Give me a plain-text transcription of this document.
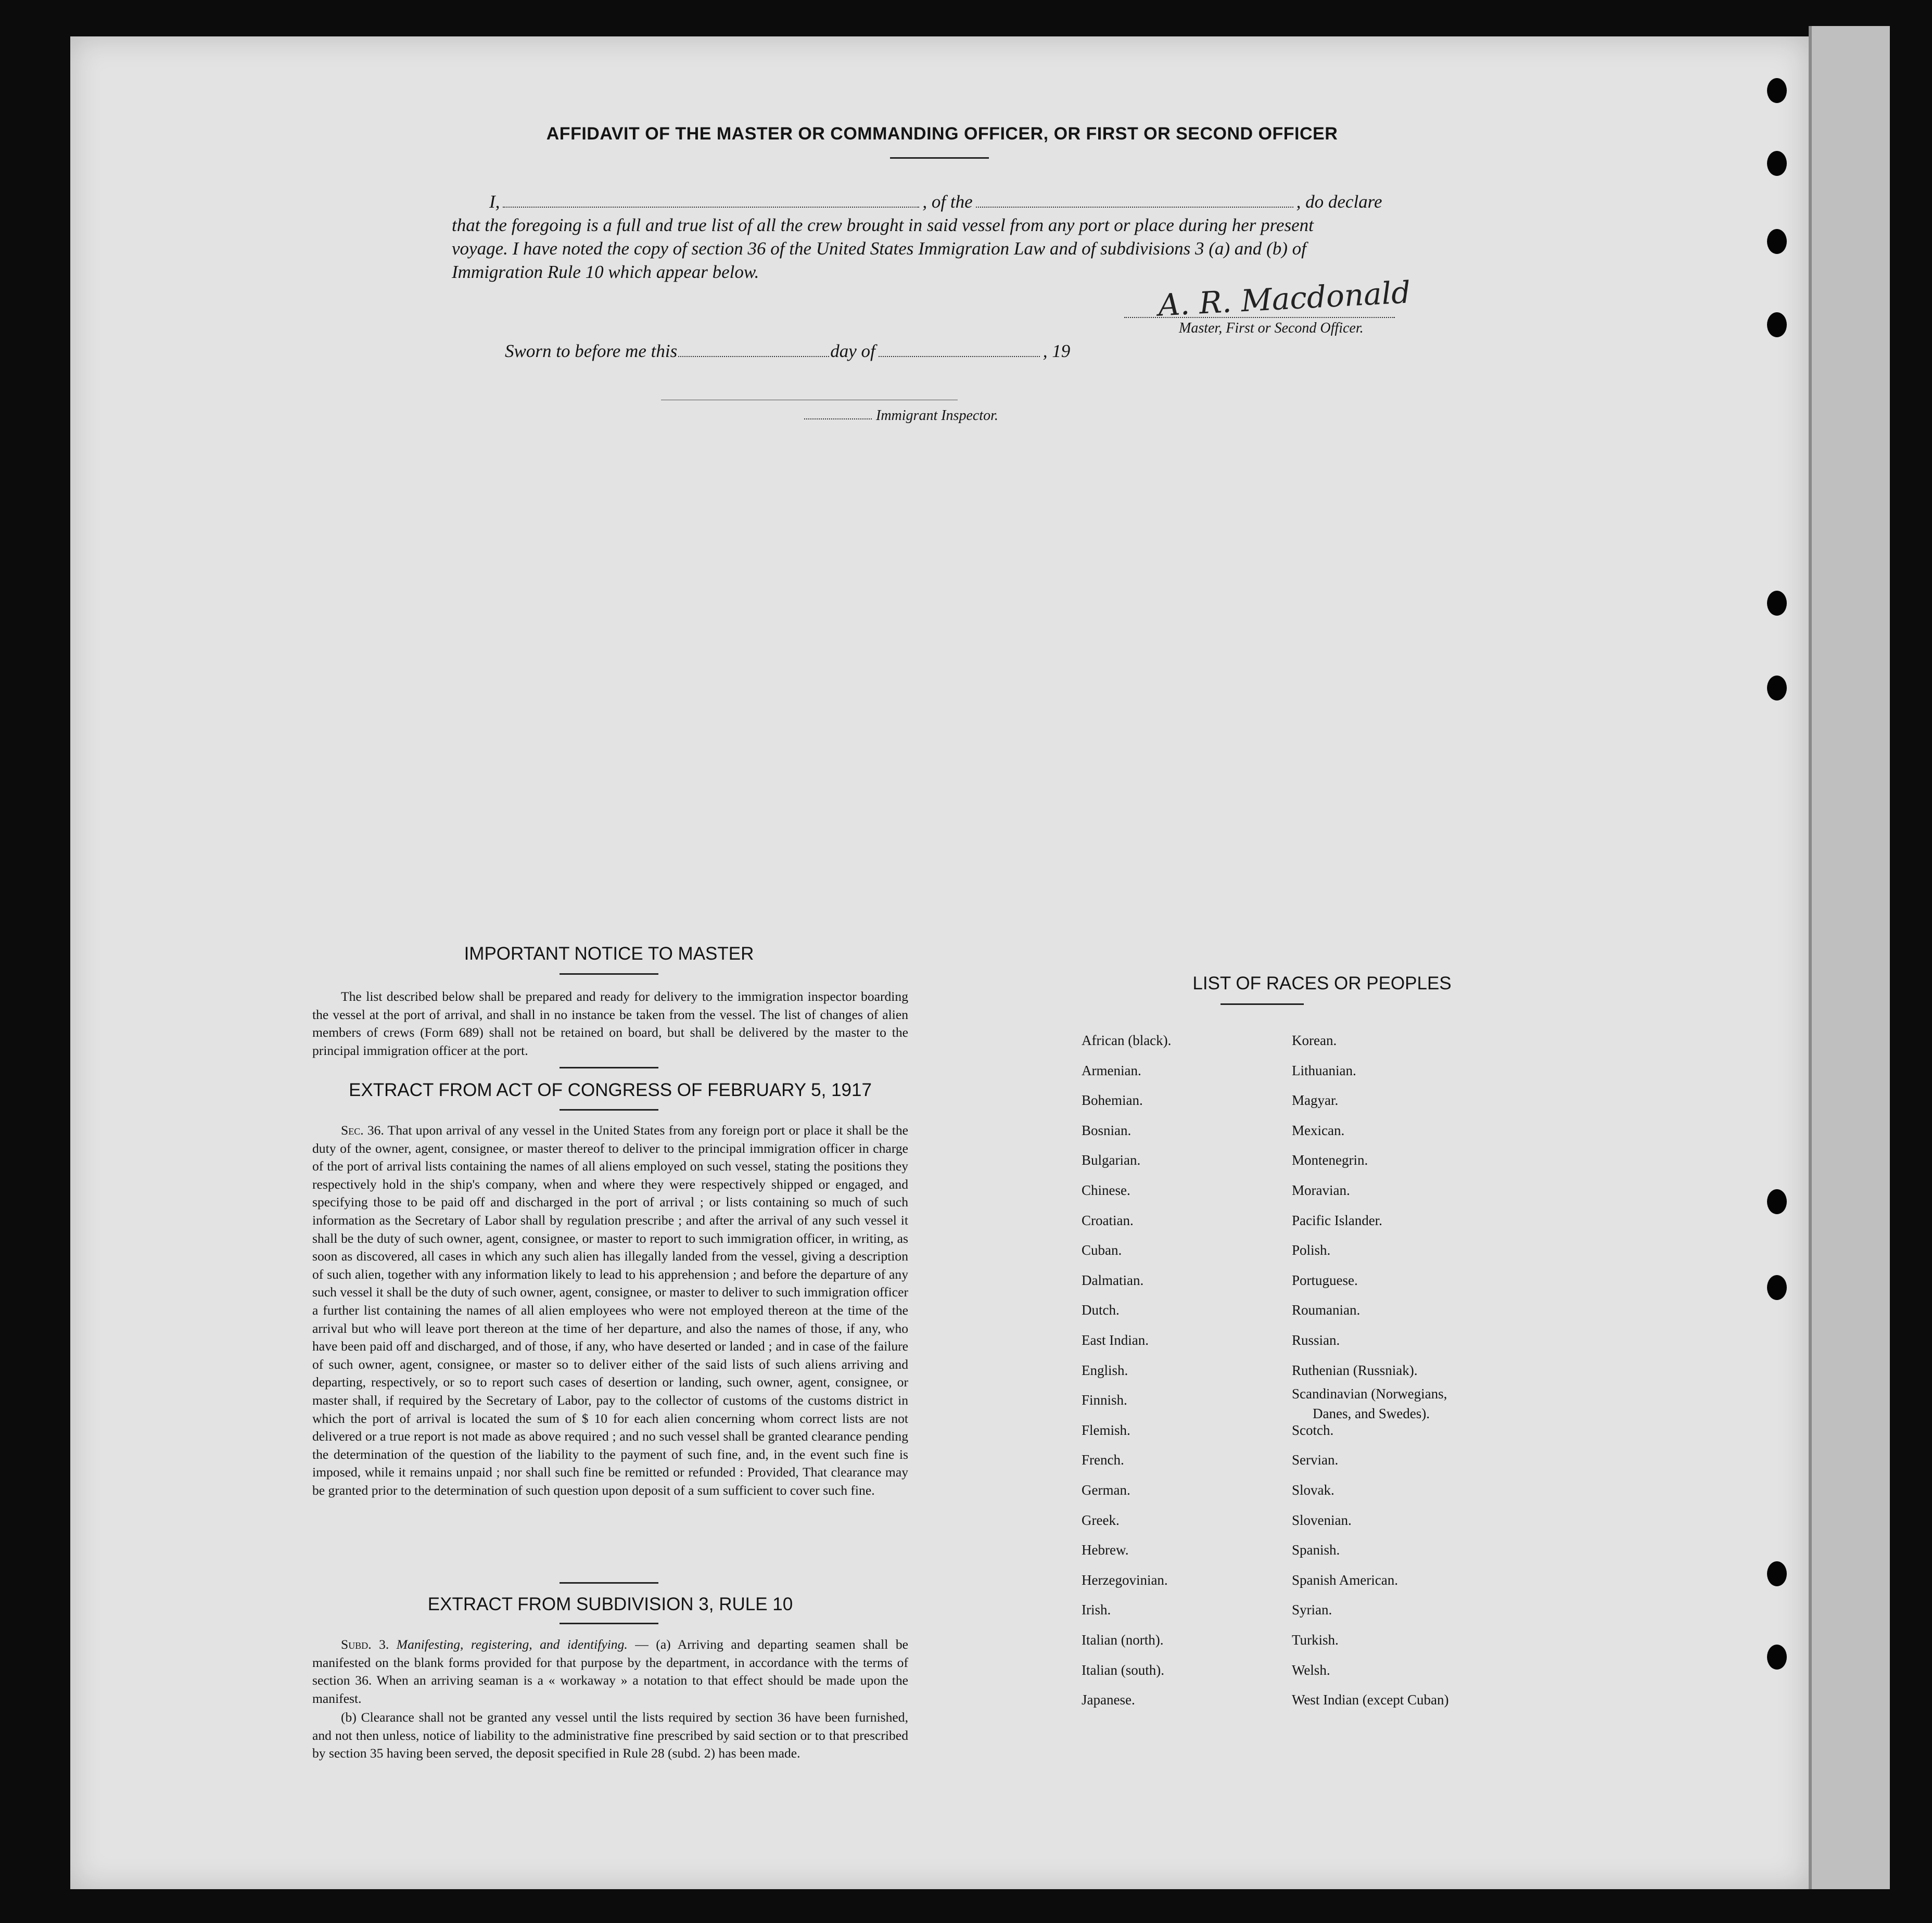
AFFIDAVIT OF THE MASTER OR COMMANDING OFFICER, OR FIRST OR SECOND OFFICER
I,	, of the	, do declare
that the foregoing is a full and true list of all the crew brought in said vessel from any port or place during her present
voyage. I have noted the copy of section 36 of the United States Immigration Law and of subdivisions 3 (a) and (b) of
Immigration Rule 10 which appear below.
A. R. Macdonald
Master, First or Second Officer.
Sworn to before me this	day of	, 19
Immigrant Inspector.
IMPORTANT NOTICE TO MASTER
The list described below shall be prepared and ready for delivery to the immigration inspector boarding the vessel at the port of arrival, and shall in no instance be taken from the vessel. The list of changes of alien members of crews (Form 689) shall not be retained on board, but shall be delivered by the master to the principal immigration officer at the port.
EXTRACT FROM ACT OF CONGRESS OF FEBRUARY 5, 1917
Sec. 36. That upon arrival of any vessel in the United States from any foreign port or place it shall be the duty of the owner, agent, consignee, or master thereof to deliver to the principal immigration officer in charge of the port of arrival lists containing the names of all aliens employed on such vessel, stating the positions they respectively hold in the ship's company, when and where they were respectively shipped or engaged, and specifying those to be paid off and discharged in the port of arrival ; or lists containing so much of such information as the Secretary of Labor shall by regulation prescribe ; and after the arrival of any such vessel it shall be the duty of such owner, agent, consignee, or master to report to such immigration officer, in writing, as soon as discovered, all cases in which any such alien has illegally landed from the vessel, giving a description of such alien, together with any information likely to lead to his apprehension ; and before the departure of any such vessel it shall be the duty of such owner, agent, consignee, or master to deliver to such immigration officer a further list containing the names of all alien employees who were not employed thereon at the time of the arrival but who will leave port thereon at the time of her departure, and also the names of those, if any, who have been paid off and discharged, and of those, if any, who have deserted or landed ; and in case of the failure of such owner, agent, consignee, or master so to deliver either of the said lists of such aliens arriving and departing, respectively, or so to report such cases of desertion or landing, such owner, agent, consignee, or master shall, if required by the Secretary of Labor, pay to the collector of customs of the customs district in which the port of arrival is located the sum of $ 10 for each alien concerning whom correct lists are not delivered or a true report is not made as above required ; and no such vessel shall be granted clearance pending the determination of the question of the liability to the payment of such fine, and, in the event such fine is imposed, while it remains unpaid ; nor shall such fine be remitted or refunded : Provided, That clearance may be granted prior to the determination of such question upon deposit of a sum sufficient to cover such fine.
EXTRACT FROM SUBDIVISION 3, RULE 10
Subd. 3. Manifesting, registering, and identifying. — (a) Arriving and departing seamen shall be manifested on the blank forms provided for that purpose by the department, in accordance with the terms of section 36. When an arriving seaman is a « workaway » a notation to that effect should be made upon the manifest.
(b) Clearance shall not be granted any vessel until the lists required by section 36 have been furnished, and not then unless, notice of liability to the administrative fine prescribed by said section or to that prescribed by section 35 having been served, the deposit specified in Rule 28 (subd. 2) has been made.
LIST OF RACES OR PEOPLES
African (black).
Armenian.
Bohemian.
Bosnian.
Bulgarian.
Chinese.
Croatian.
Cuban.
Dalmatian.
Dutch.
East Indian.
English.
Finnish.
Flemish.
French.
German.
Greek.
Hebrew.
Herzegovinian.
Irish.
Italian (north).
Italian (south).
Japanese.
Korean.
Lithuanian.
Magyar.
Mexican.
Montenegrin.
Moravian.
Pacific Islander.
Polish.
Portuguese.
Roumanian.
Russian.
Ruthenian (Russniak).
Scandinavian (Norwegians,
Danes, and Swedes).
Scotch.
Servian.
Slovak.
Slovenian.
Spanish.
Spanish American.
Syrian.
Turkish.
Welsh.
West Indian (except Cuban)
